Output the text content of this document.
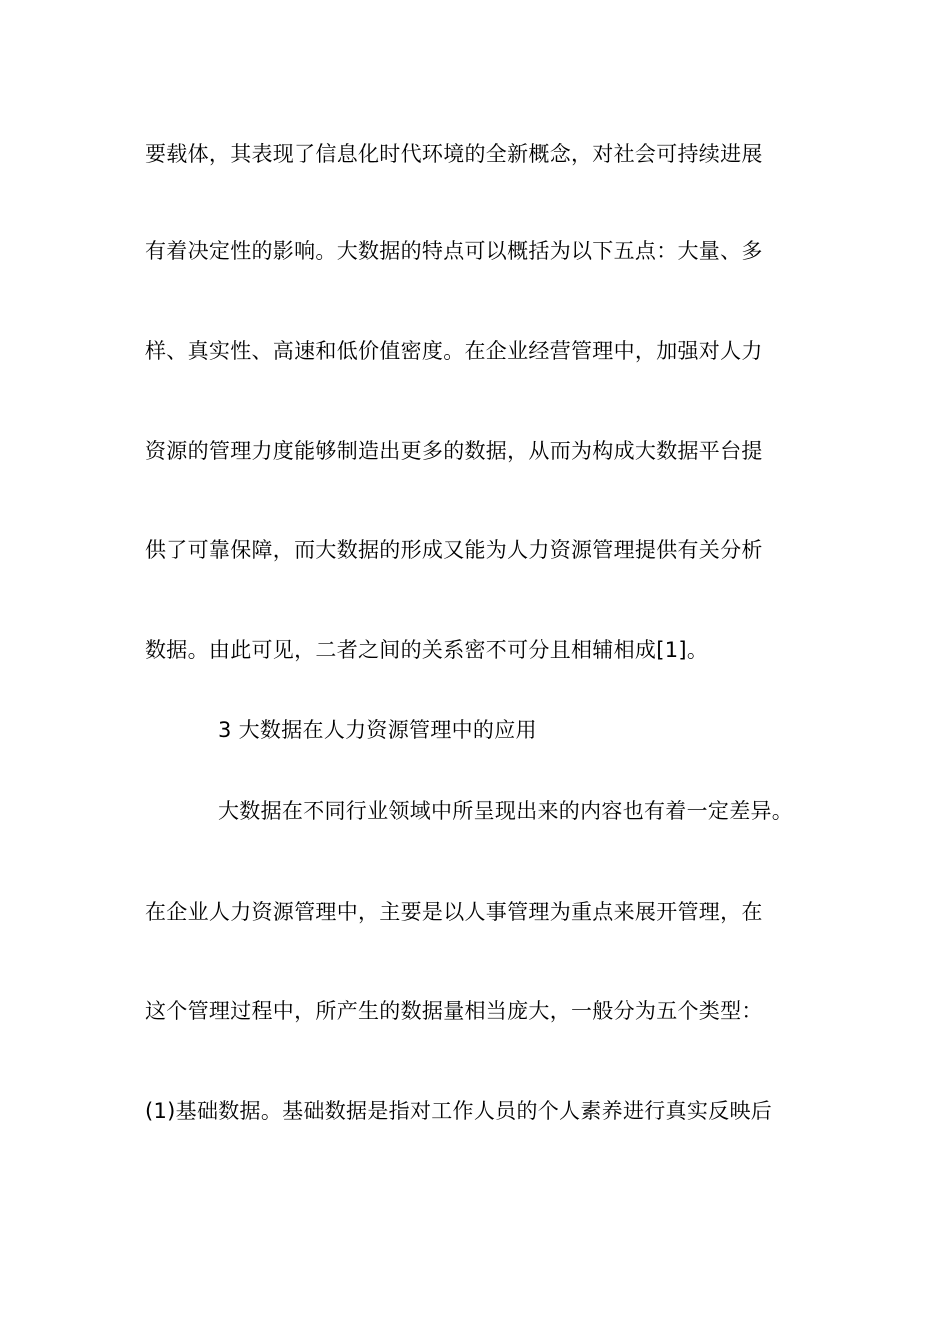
要载体，其表现了信息化时代环境的全新概念，对社会可持续进展
有着决定性的影响。大数据的特点可以概括为以下五点：大量、多
样、真实性、高速和低价值密度。在企业经营管理中，加强对人力
资源的管理力度能够制造出更多的数据，从而为构成大数据平台提
供了可靠保障，而大数据的形成又能为人力资源管理提供有关分析
数据。由此可见，二者之间的关系密不可分且相辅相成[1]。
3 大数据在人力资源管理中的应用
大数据在不同行业领域中所呈现出来的内容也有着一定差异。
在企业人力资源管理中，主要是以人事管理为重点来展开管理，在
这个管理过程中，所产生的数据量相当庞大，一般分为五个类型：
(1)基础数据。基础数据是指对工作人员的个人素养进行真实反映后
